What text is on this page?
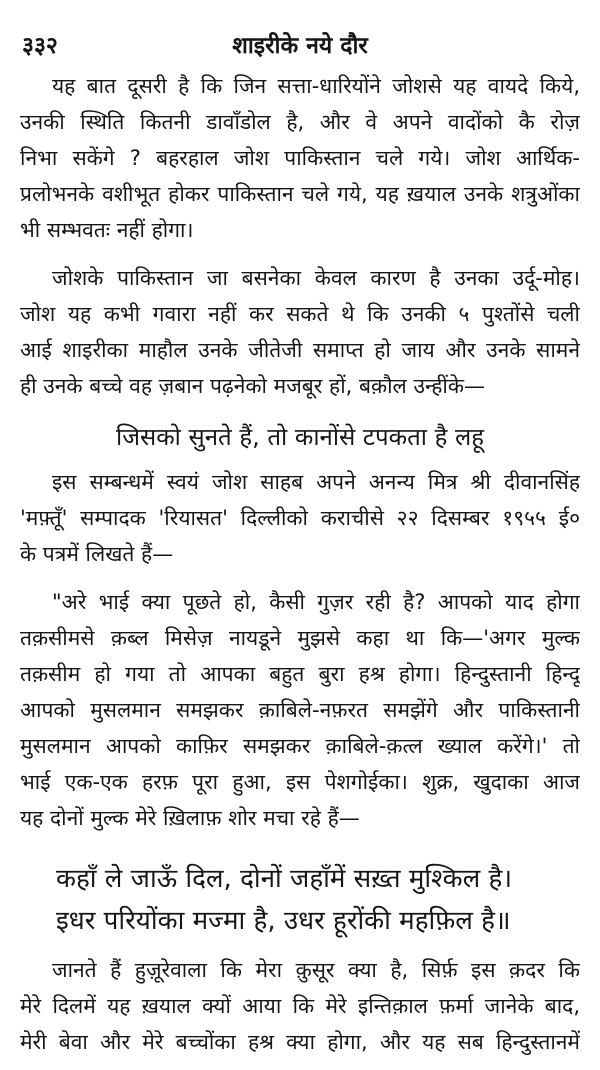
३३२	शाइरीके नये दौर

यह बात दूसरी है कि जिन सत्ता-धारियोंने जोशसे यह वायदे किये,
उनकी स्थिति कितनी डावाँडोल है, और वे अपने वादोंको कै रोज़
निभा सकेंगे ? बहरहाल जोश पाकिस्तान चले गये। जोश आर्थिक-
प्रलोभनके वशीभूत होकर पाकिस्तान चले गये, यह ख़याल उनके शत्रुओंका
भी सम्भवतः नहीं होगा।

जोशके पाकिस्तान जा बसनेका केवल कारण है उनका उर्दू-मोह।
जोश यह कभी गवारा नहीं कर सकते थे कि उनकी ५ पुश्तोंसे चली
आई शाइरीका माहौल उनके जीतेजी समाप्त हो जाय और उनके सामने
ही उनके बच्चे वह ज़बान पढ़नेको मजबूर हों, बक़ौल उन्हींके—

जिसको सुनते हैं, तो कानोंसे टपकता है लहू

इस सम्बन्धमें स्वयं जोश साहब अपने अनन्य मित्र श्री दीवानसिंह
'मफ़्तूँ' सम्पादक 'रियासत' दिल्लीको कराचीसे २२ दिसम्बर १९५५ ई०
के पत्रमें लिखते हैं—

"अरे भाई क्या पूछते हो, कैसी गुज़र रही है? आपको याद होगा
तक़सीमसे क़ब्ल मिसेज़ नायडूने मुझसे कहा था कि—'अगर मुल्क
तक़सीम हो गया तो आपका बहुत बुरा हश्र होगा। हिन्दुस्तानी हिन्दू
आपको मुसलमान समझकर क़ाबिले-नफ़रत समझेंगे और पाकिस्तानी
मुसलमान आपको काफ़िर समझकर क़ाबिले-क़त्ल ख्याल करेंगे।' तो
भाई एक-एक हरफ़ पूरा हुआ, इस पेशगोईका। शुक्र, खुदाका आज
यह दोनों मुल्क मेरे ख़िलाफ़ शोर मचा रहे हैं—

कहाँ ले जाऊँ दिल, दोनों जहाँमें सख़्त मुश्किल है।
इधर परियोंका मज्मा है, उधर हूरोंकी महफ़िल है॥

जानते हैं हुज़ूरेवाला कि मेरा क़ुसूर क्या है, सिर्फ़ इस क़दर कि
मेरे दिलमें यह ख़याल क्यों आया कि मेरे इन्तिक़ाल फ़र्मा जानेके बाद,
मेरी बेवा और मेरे बच्चोंका हश्र क्या होगा, और यह सब हिन्दुस्तानमें
